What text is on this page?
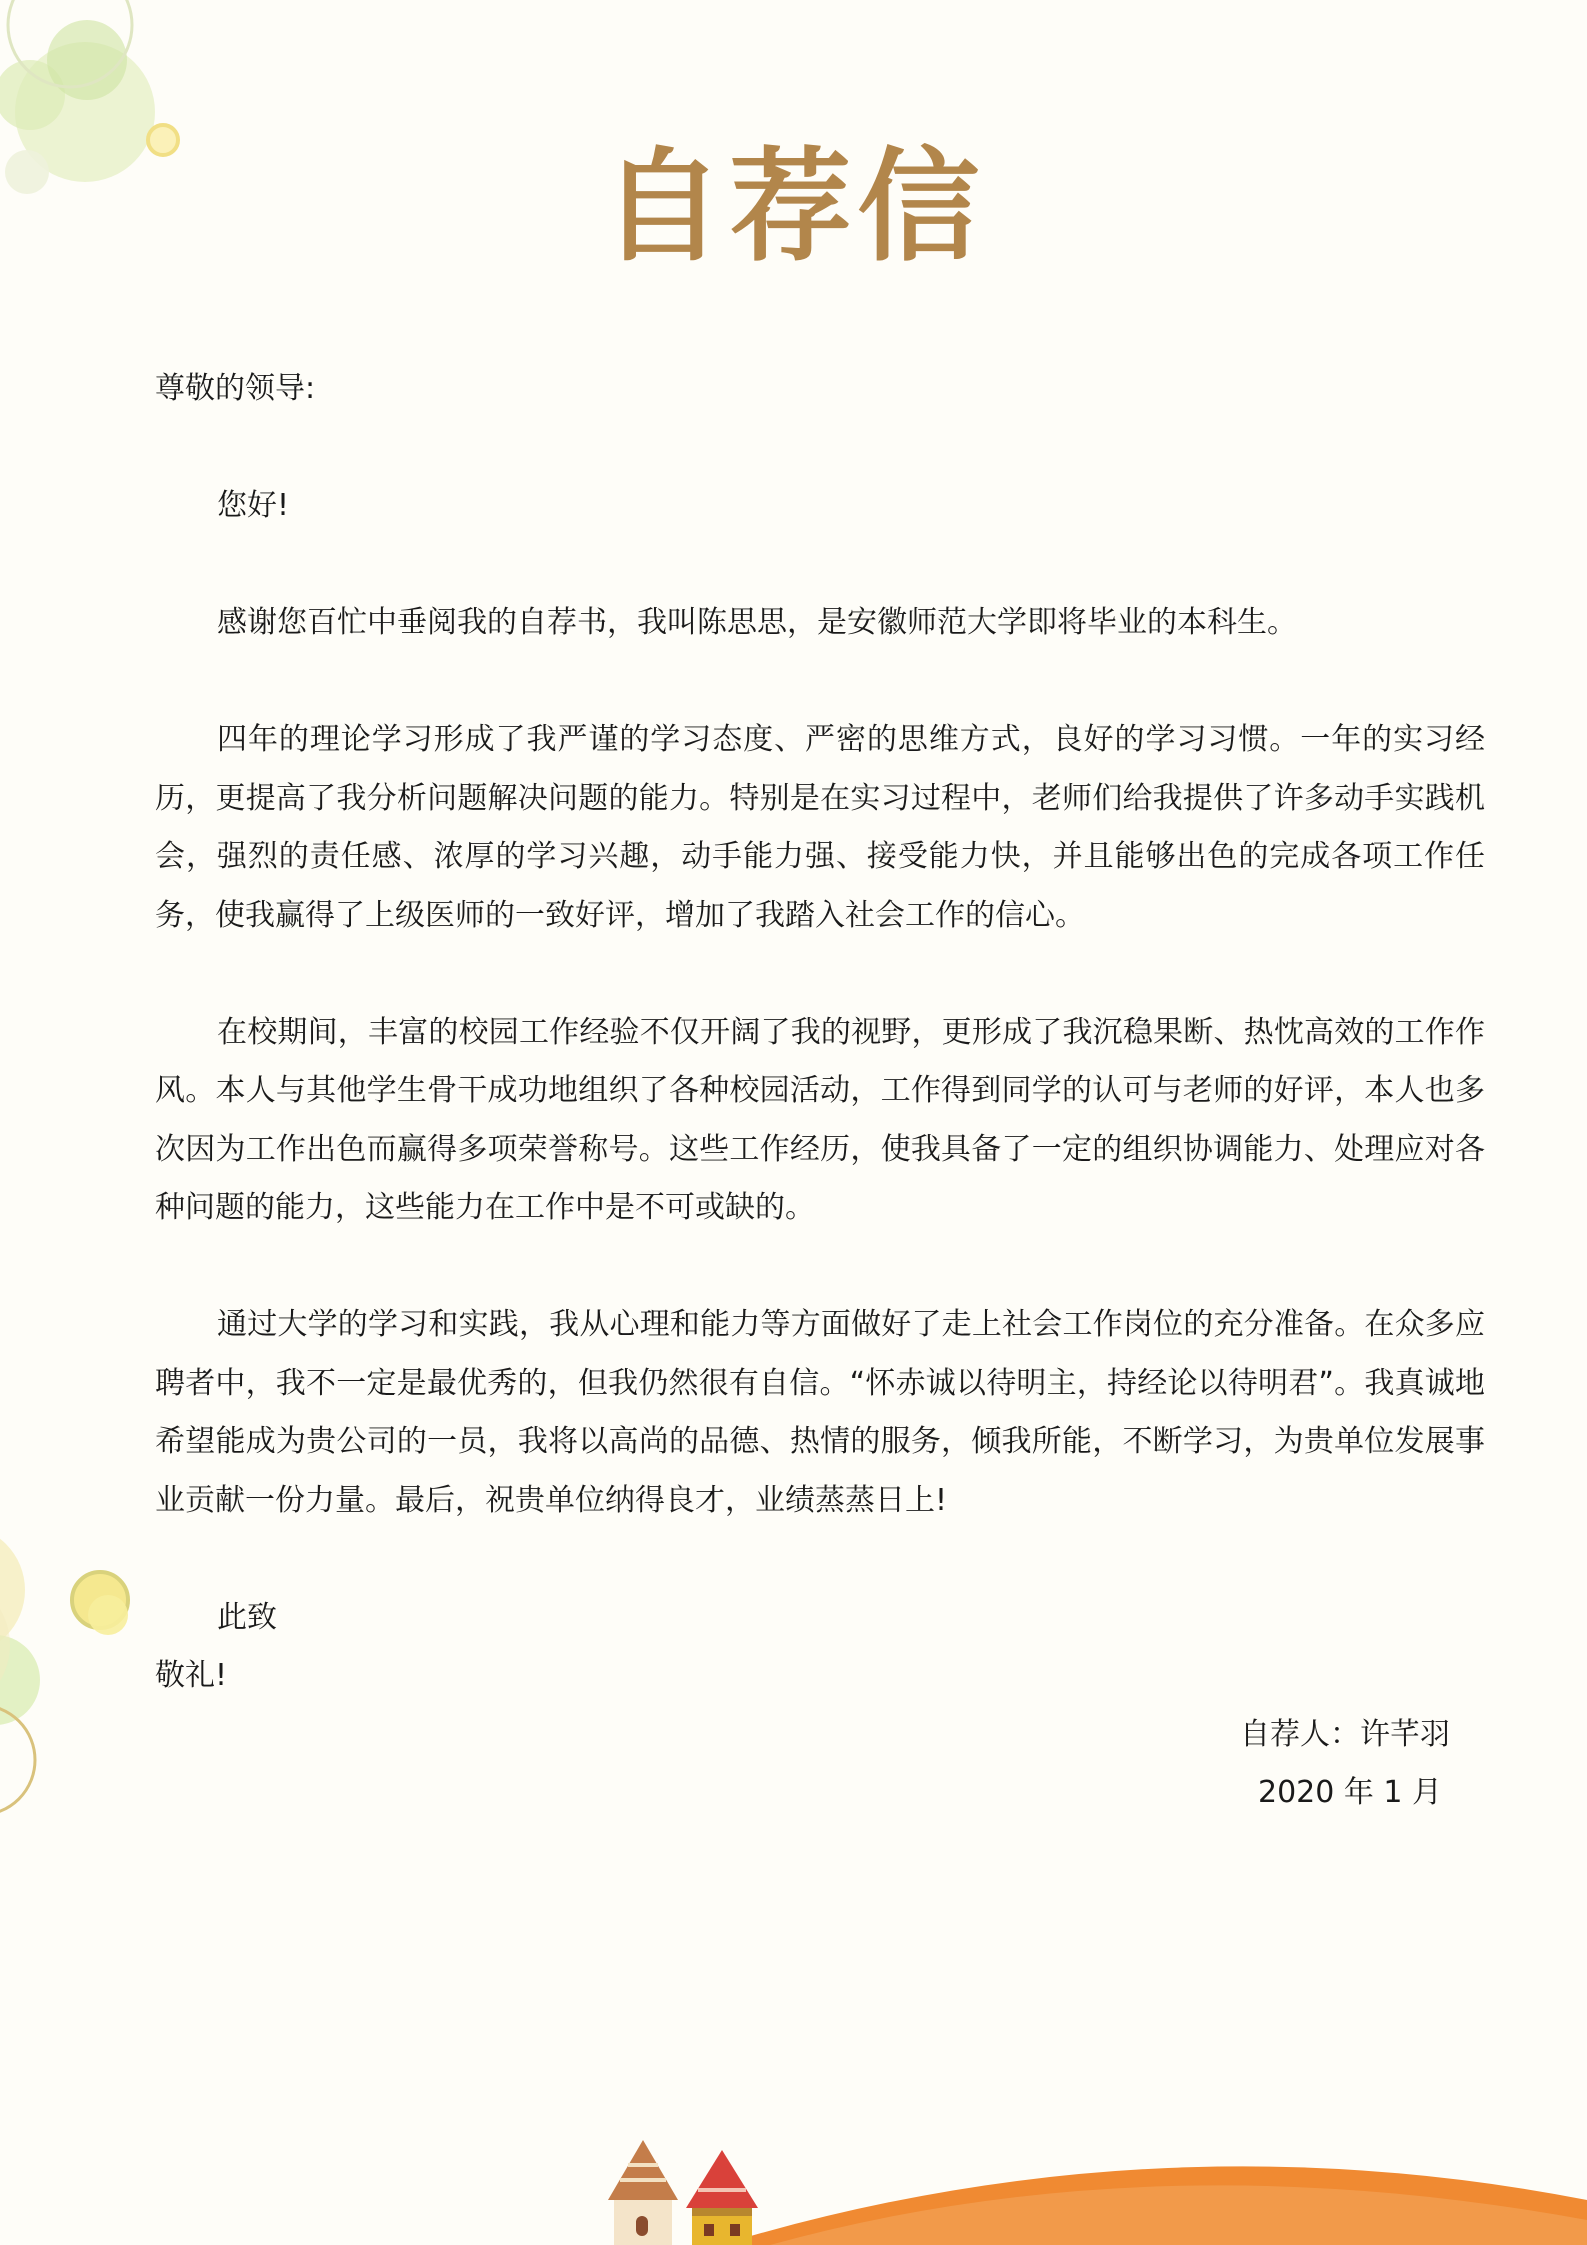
自荐信

尊敬的领导:

您好!

感谢您百忙中垂阅我的自荐书，我叫陈思思，是安徽师范大学即将毕业的本科生。

四年的理论学习形成了我严谨的学习态度、严密的思维方式，良好的学习习惯。一年的实习经历，更提高了我分析问题解决问题的能力。特别是在实习过程中，老师们给我提供了许多动手实践机会，强烈的责任感、浓厚的学习兴趣，动手能力强、接受能力快，并且能够出色的完成各项工作任务，使我赢得了上级医师的一致好评，增加了我踏入社会工作的信心。

在校期间，丰富的校园工作经验不仅开阔了我的视野，更形成了我沉稳果断、热忱高效的工作作风。本人与其他学生骨干成功地组织了各种校园活动，工作得到同学的认可与老师的好评，本人也多次因为工作出色而赢得多项荣誉称号。这些工作经历，使我具备了一定的组织协调能力、处理应对各种问题的能力，这些能力在工作中是不可或缺的。

通过大学的学习和实践，我从心理和能力等方面做好了走上社会工作岗位的充分准备。在众多应聘者中，我不一定是最优秀的，但我仍然很有自信。“怀赤诚以待明主，持经论以待明君”。我真诚地希望能成为贵公司的一员，我将以高尚的品德、热情的服务，倾我所能，不断学习，为贵单位发展事业贡献一份力量。最后，祝贵单位纳得良才，业绩蒸蒸日上!

此致

敬礼!

自荐人：许芊羽
2020 年 1 月
